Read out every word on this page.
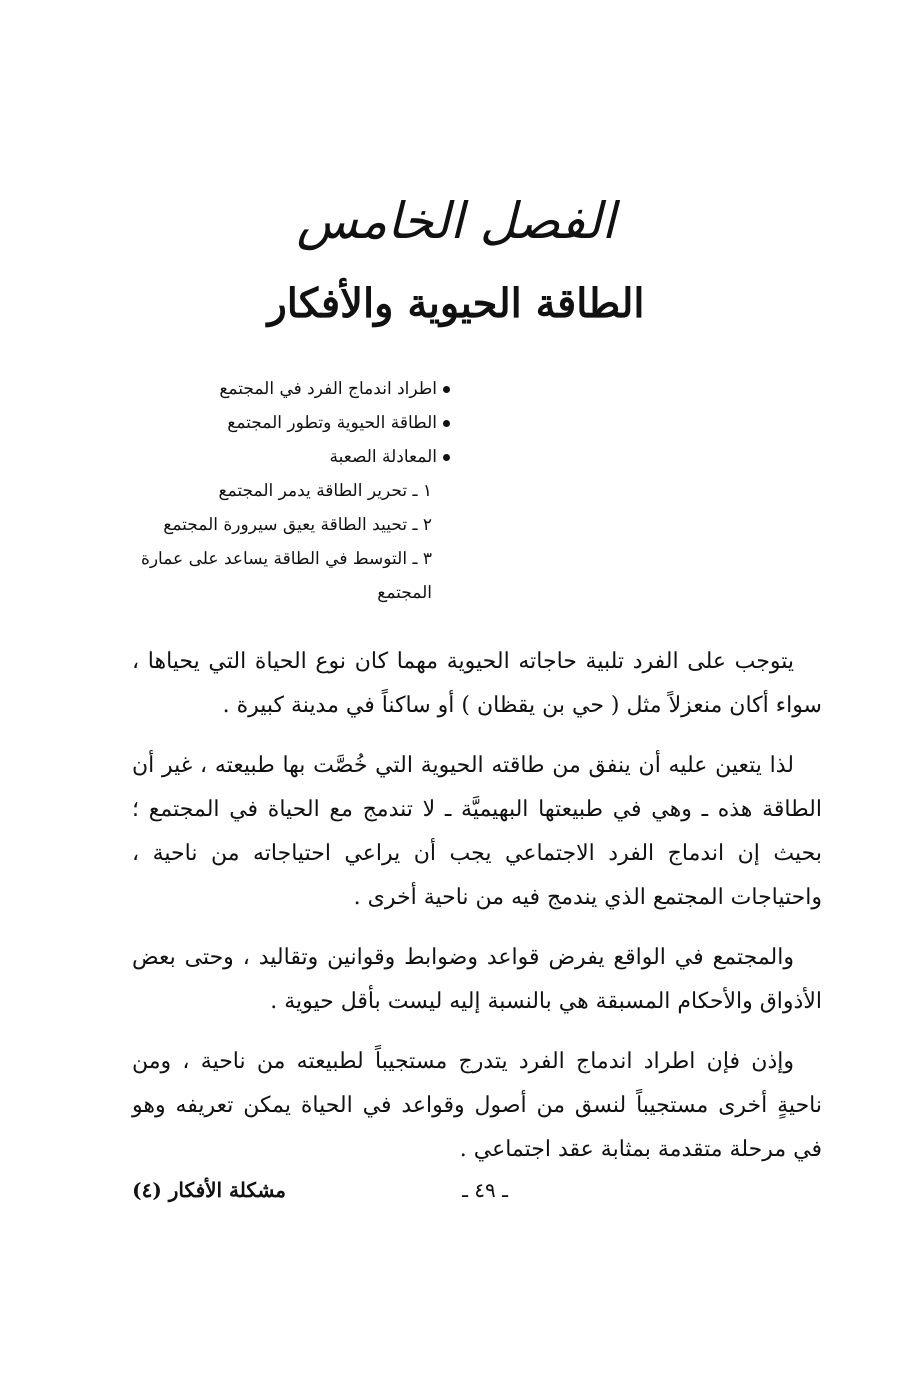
الفصل الخامس
الطاقة الحيوية والأفكار
اطراد اندماج الفرد في المجتمع
الطاقة الحيوية وتطور المجتمع
المعادلة الصعبة
١ ـ تحرير الطاقة يدمر المجتمع
٢ ـ تحييد الطاقة يعيق سيرورة المجتمع
٣ ـ التوسط في الطاقة يساعد على عمارة المجتمع

يتوجب على الفرد تلبية حاجاته الحيوية مهما كان نوع الحياة التي يحياها ، سواء أكان منعزلاً مثل ( حي بن يقظان ) أو ساكناً في مدينة كبيرة .

لذا يتعين عليه أن ينفق من طاقته الحيوية التي خُصَّت بها طبيعته ، غير أن الطاقة هذه ـ وهي في طبيعتها البهيميَّة ـ لا تندمج مع الحياة في المجتمع ؛ بحيث إن اندماج الفرد الاجتماعي يجب أن يراعي احتياجاته من ناحية ، واحتياجات المجتمع الذي يندمج فيه من ناحية أخرى .

والمجتمع في الواقع يفرض قواعد وضوابط وقوانين وتقاليد ، وحتى بعض الأذواق والأحكام المسبقة هي بالنسبة إليه ليست بأقل حيوية .

وإذن فإن اطراد اندماج الفرد يتدرج مستجيباً لطبيعته من ناحية ، ومن ناحيةٍ أخرى مستجيباً لنسق من أصول وقواعد في الحياة يمكن تعريفه وهو في مرحلة متقدمة بمثابة عقد اجتماعي .

مشكلة الأفكار (٤)	ـ ٤٩ ـ
